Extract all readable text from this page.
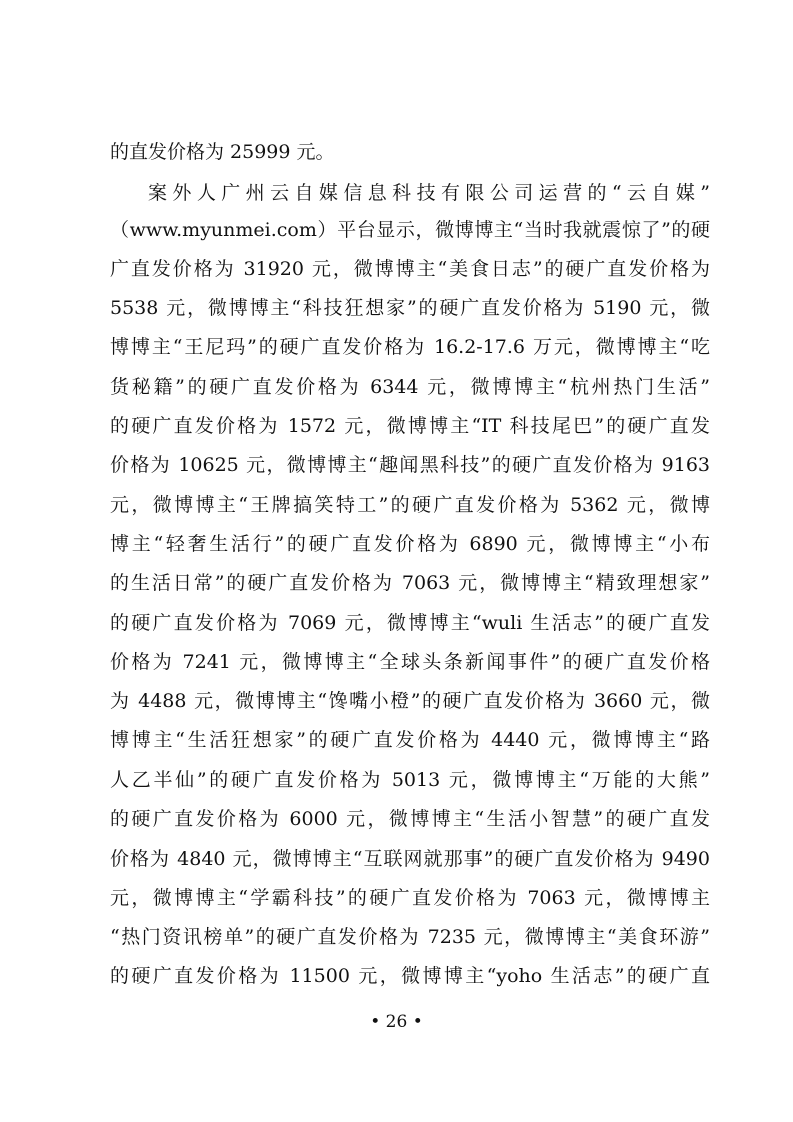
的直发价格为 25999 元。
案外人广州云自媒信息科技有限公司运营的“云自媒”
（www.myunmei.com）平台显示，微博博主“当时我就震惊了”的硬
广直发价格为 31920 元，微博博主“美食日志”的硬广直发价格为
5538 元，微博博主“科技狂想家”的硬广直发价格为 5190 元，微
博博主“王尼玛”的硬广直发价格为 16.2-17.6 万元，微博博主“吃
货秘籍”的硬广直发价格为 6344 元，微博博主“杭州热门生活”
的硬广直发价格为 1572 元，微博博主“IT 科技尾巴”的硬广直发
价格为 10625 元，微博博主“趣闻黑科技”的硬广直发价格为 9163
元，微博博主“王牌搞笑特工”的硬广直发价格为 5362 元，微博
博主“轻奢生活行”的硬广直发价格为 6890 元，微博博主“小布
的生活日常”的硬广直发价格为 7063 元，微博博主“精致理想家”
的硬广直发价格为 7069 元，微博博主“wuli 生活志”的硬广直发
价格为 7241 元，微博博主“全球头条新闻事件”的硬广直发价格
为 4488 元，微博博主“馋嘴小橙”的硬广直发价格为 3660 元，微
博博主“生活狂想家”的硬广直发价格为 4440 元，微博博主“路
人乙半仙”的硬广直发价格为 5013 元，微博博主“万能的大熊”
的硬广直发价格为 6000 元，微博博主“生活小智慧”的硬广直发
价格为 4840 元，微博博主“互联网就那事”的硬广直发价格为 9490
元，微博博主“学霸科技”的硬广直发价格为 7063 元，微博博主
“热门资讯榜单”的硬广直发价格为 7235 元，微博博主“美食环游”
的硬广直发价格为 11500 元，微博博主“yoho 生活志”的硬广直
• 26 •
